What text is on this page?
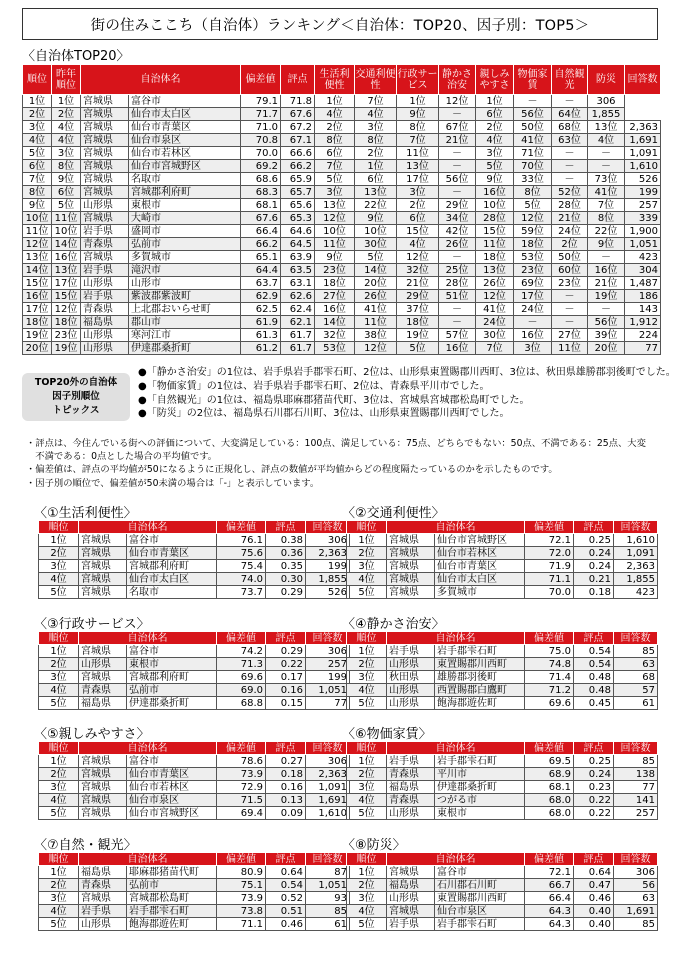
街の住みここち（自治体）ランキング＜自治体：TOP20、因子別：TOP5＞
〈自治体TOP20〉
順位	昨年順位	自治体名		偏差値	評点	生活利便性	交通利便性	行政サービス	静かさ治安	親しみやすさ	物価家賃	自然観光	防災	回答数
1位	1位	宮城県	富谷市	79.1	71.8	1位	7位	1位	12位	1位	－	－	306	
2位	2位	宮城県	仙台市太白区	71.7	67.6	4位	4位	9位	－	6位	56位	64位	1,855	
3位	4位	宮城県	仙台市青葉区	71.0	67.2	2位	3位	8位	67位	2位	50位	68位	13位	2,363
4位	4位	宮城県	仙台市泉区	70.8	67.1	8位	8位	7位	21位	4位	41位	63位	4位	1,691
5位	3位	宮城県	仙台市若林区	70.0	66.6	6位	2位	11位	－	3位	71位	－	－	1,091
6位	8位	宮城県	仙台市宮城野区	69.2	66.2	7位	1位	13位	－	5位	70位	－	－	1,610
7位	9位	宮城県	名取市	68.6	65.9	5位	6位	17位	56位	9位	33位	－	73位	526
8位	6位	宮城県	宮城郡利府町	68.3	65.7	3位	13位	3位	－	16位	8位	52位	41位	199
9位	5位	山形県	東根市	68.1	65.6	13位	22位	2位	29位	10位	5位	28位	7位	257
10位	11位	宮城県	大崎市	67.6	65.3	12位	9位	6位	34位	28位	12位	21位	8位	339
11位	10位	岩手県	盛岡市	66.4	64.6	10位	10位	15位	42位	15位	59位	24位	22位	1,900
12位	14位	青森県	弘前市	66.2	64.5	11位	30位	4位	26位	11位	18位	2位	9位	1,051
13位	16位	宮城県	多賀城市	65.1	63.9	9位	5位	12位	－	18位	53位	50位	－	423
14位	13位	岩手県	滝沢市	64.4	63.5	23位	14位	32位	25位	13位	23位	60位	16位	304
15位	17位	山形県	山形市	63.7	63.1	18位	20位	21位	28位	26位	69位	23位	21位	1,487
16位	15位	岩手県	紫波郡紫波町	62.9	62.6	27位	26位	29位	51位	12位	17位	－	19位	186
17位	12位	青森県	上北郡おいらせ町	62.5	62.4	16位	41位	37位	－	41位	24位	－	－	143
18位	18位	福島県	郡山市	61.9	62.1	14位	11位	18位	－	24位	－	－	56位	1,912
19位	23位	山形県	寒河江市	61.3	61.7	32位	38位	19位	57位	30位	16位	27位	39位	224
20位	19位	山形県	伊達郡桑折町	61.2	61.7	53位	12位	5位	16位	7位	3位	11位	20位	77
TOP20外の自治体
因子別順位
トピックス
●「静かさ治安」の1位は、岩手県岩手郡雫石町、2位は、山形県東置賜郡川西町、3位は、秋田県雄勝郡羽後町でした。
●「物価家賃」の1位は、岩手県岩手郡雫石町、2位は、青森県平川市でした。
●「自然観光」の1位は、福島県耶麻郡猪苗代町、3位は、宮城県宮城郡松島町でした。
●「防災」の2位は、福島県石川郡石川町、3位は、山形県東置賜郡川西町でした。
・評点は、今住んでいる街への評価について、大変満足している：100点、満足している：75点、どちらでもない：50点、不満である：25点、大変
　不満である：0点とした場合の平均値です。
・偏差値は、評点の平均値が50になるように正規化し、評点の数値が平均値からどの程度隔たっているのかを示したものです。
・因子別の順位で、偏差値が50未満の場合は「-」と表示しています。
〈①生活利便性〉
順位	自治体名		偏差値	評点	回答数
1位	宮城県	富谷市	76.1	0.38	306
2位	宮城県	仙台市青葉区	75.6	0.36	2,363
3位	宮城県	宮城郡利府町	75.4	0.35	199
4位	宮城県	仙台市太白区	74.0	0.30	1,855
5位	宮城県	名取市	73.7	0.29	526
〈②交通利便性〉
順位	自治体名		偏差値	評点	回答数
1位	宮城県	仙台市宮城野区	72.1	0.25	1,610
2位	宮城県	仙台市若林区	72.0	0.24	1,091
3位	宮城県	仙台市青葉区	71.9	0.24	2,363
4位	宮城県	仙台市太白区	71.1	0.21	1,855
5位	宮城県	多賀城市	70.0	0.18	423
〈③行政サービス〉
順位	自治体名		偏差値	評点	回答数
1位	宮城県	富谷市	74.2	0.29	306
2位	山形県	東根市	71.3	0.22	257
3位	宮城県	宮城郡利府町	69.6	0.17	199
4位	青森県	弘前市	69.0	0.16	1,051
5位	福島県	伊達郡桑折町	68.8	0.15	77
〈④静かさ治安〉
順位	自治体名		偏差値	評点	回答数
1位	岩手県	岩手郡雫石町	75.0	0.54	85
2位	山形県	東置賜郡川西町	74.8	0.54	63
3位	秋田県	雄勝郡羽後町	71.4	0.48	68
4位	山形県	西置賜郡白鷹町	71.2	0.48	57
5位	山形県	飽海郡遊佐町	69.6	0.45	61
〈⑤親しみやすさ〉
順位	自治体名		偏差値	評点	回答数
1位	宮城県	富谷市	78.6	0.27	306
2位	宮城県	仙台市青葉区	73.9	0.18	2,363
3位	宮城県	仙台市若林区	72.9	0.16	1,091
4位	宮城県	仙台市泉区	71.5	0.13	1,691
5位	宮城県	仙台市宮城野区	69.4	0.09	1,610
〈⑥物価家賃〉
順位	自治体名		偏差値	評点	回答数
1位	岩手県	岩手郡雫石町	69.5	0.25	85
2位	青森県	平川市	68.9	0.24	138
3位	福島県	伊達郡桑折町	68.1	0.23	77
4位	青森県	つがる市	68.0	0.22	141
5位	山形県	東根市	68.0	0.22	257
〈⑦自然・観光〉
順位	自治体名		偏差値	評点	回答数
1位	福島県	耶麻郡猪苗代町	80.9	0.64	87
2位	青森県	弘前市	75.1	0.54	1,051
3位	宮城県	宮城郡松島町	73.9	0.52	93
4位	岩手県	岩手郡雫石町	73.8	0.51	85
5位	山形県	飽海郡遊佐町	71.1	0.46	61
〈⑧防災〉
順位	自治体名		偏差値	評点	回答数
1位	宮城県	富谷市	72.1	0.64	306
2位	福島県	石川郡石川町	66.7	0.47	56
3位	山形県	東置賜郡川西町	66.4	0.46	63
4位	宮城県	仙台市泉区	64.3	0.40	1,691
5位	岩手県	岩手郡雫石町	64.3	0.40	85
